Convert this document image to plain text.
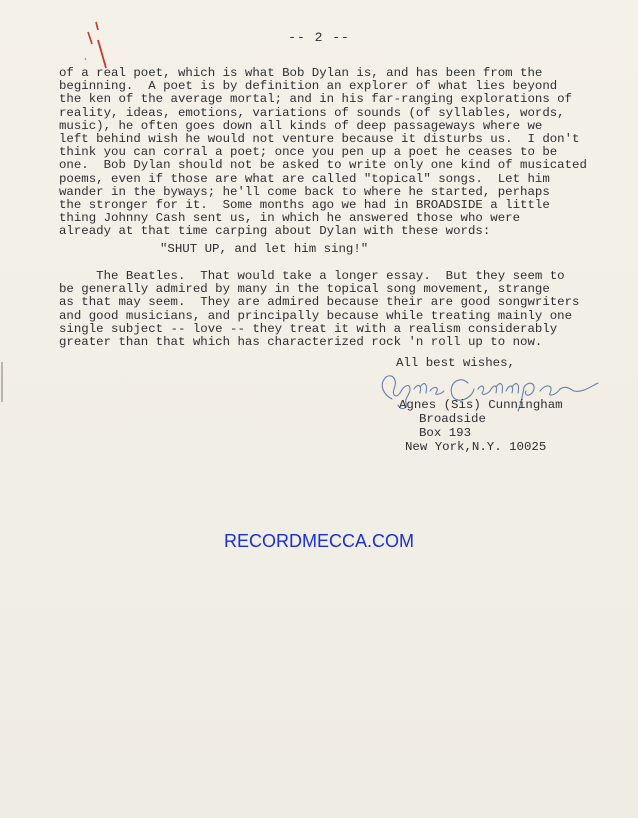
-- 2 --
of a real poet, which is what Bob Dylan is, and has been from the
beginning.  A poet is by definition an explorer of what lies beyond
the ken of the average mortal; and in his far-ranging explorations of
reality, ideas, emotions, variations of sounds (of syllables, words,
music), he often goes down all kinds of deep passageways where we
left behind wish he would not venture because it disturbs us.  I don't
think you can corral a poet; once you pen up a poet he ceases to be
one.  Bob Dylan should not be asked to write only one kind of musicated
poems, even if those are what are called "topical" songs.  Let him
wander in the byways; he'll come back to where he started, perhaps
the stronger for it.  Some months ago we had in BROADSIDE a little
thing Johnny Cash sent us, in which he answered those who were
already at that time carping about Dylan with these words:
"SHUT UP, and let him sing!"
The Beatles.  That would take a longer essay.  But they seem to
be generally admired by many in the topical song movement, strange
as that may seem.  They are admired because their are good songwriters
and good musicians, and principally because while treating mainly one
single subject -- love -- they treat it with a realism considerably
greater than that which has characterized rock 'n roll up to now.
All best wishes,
Agnes (Sis) Cunningham
Broadside
Box 193
New York,N.Y. 10025
RECORDMECCA.COM
